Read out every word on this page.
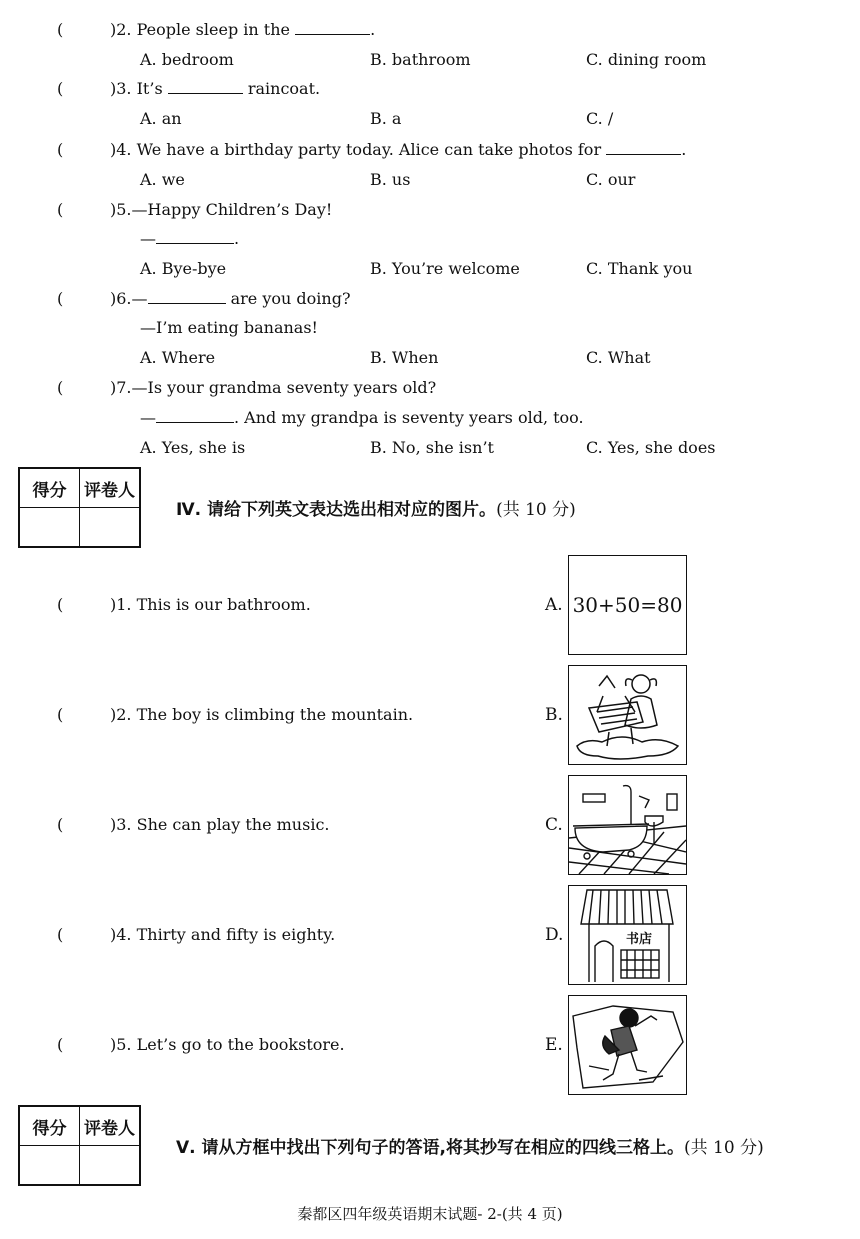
(	)2. People sleep in the	.
A. bedroom	B. bathroom	C. dining room
(	)3. It’s	raincoat.
A. an	B. a	C. /
(	)4. We have a birthday party today. Alice can take photos for	.
A. we	B. us	C. our
(	)5.—Happy Children’s Day!
—	.
A. Bye-bye	B. You’re welcome	C. Thank you
(	)6.—	are you doing?
—I’m eating bananas!
A. Where	B. When	C. What
(	)7.—Is your grandma seventy years old?
—	. And my grandpa is seventy years old, too.
A. Yes, she is	B. No, she isn’t	C. Yes, she does
得分	评卷人

Ⅳ. 请给下列英文表达选出相对应的图片。(共 10 分)
(	)1. This is our bathroom.
(	)2. The boy is climbing the mountain.
(	)3. She can play the music.
(	)4. Thirty and fifty is eighty.
(	)5. Let’s go to the bookstore.
A. 30+50=80
B.
C.
D.	书店
E.
得分	评卷人

Ⅴ. 请从方框中找出下列句子的答语,将其抄写在相应的四线三格上。(共 10 分)
秦都区四年级英语期末试题- 2-(共 4 页)
